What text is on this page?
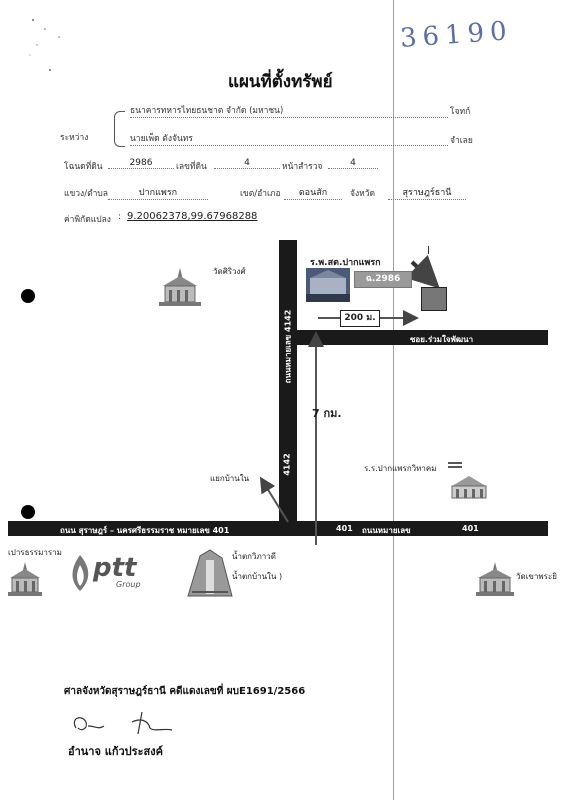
36190
แผนที่ตั้งทรัพย์
ระหว่าง
ธนาคารทหารไทยธนชาต จำกัด (มหาชน)	โจทก์
นายเพ็ด ตังจันทร	จำเลย
โฉนดที่ดิน	2986	เลขที่ดิน	4	หน้าสำรวจ	4
แขวง/ตำบล	ปากแพรก	เขต/อำเภอ	ดอนสัก	จังหวัด	สุราษฎร์ธานี
ค่าพิกัดแปลง : 9.20062378,99.67968288
ถนนหมายเลข 4142
4142
ซอย.ร่วมใจพัฒนา
ถนน สุราษฎร์ – นครศรีธรรมราช หมายเลข 401	401 ถนนหมายเลข	401
วัดศิริวงศ์
ร.พ.สต.ปากแพรก
ฉ.2986
200 ม.
7 กม.
ร.ร.ปากแพรกวิทาคม
แยกบ้านใน
เปารธรรมาราม
ptt
Group
น้ำตกวิภาวดี
น้ำตกบ้านใน )	วัดเขาพระยิ
ศาลจังหวัดสุราษฎร์ธานี คดีแดงเลขที่ ผบE1691/2566
อำนาจ แก้วประสงค์
